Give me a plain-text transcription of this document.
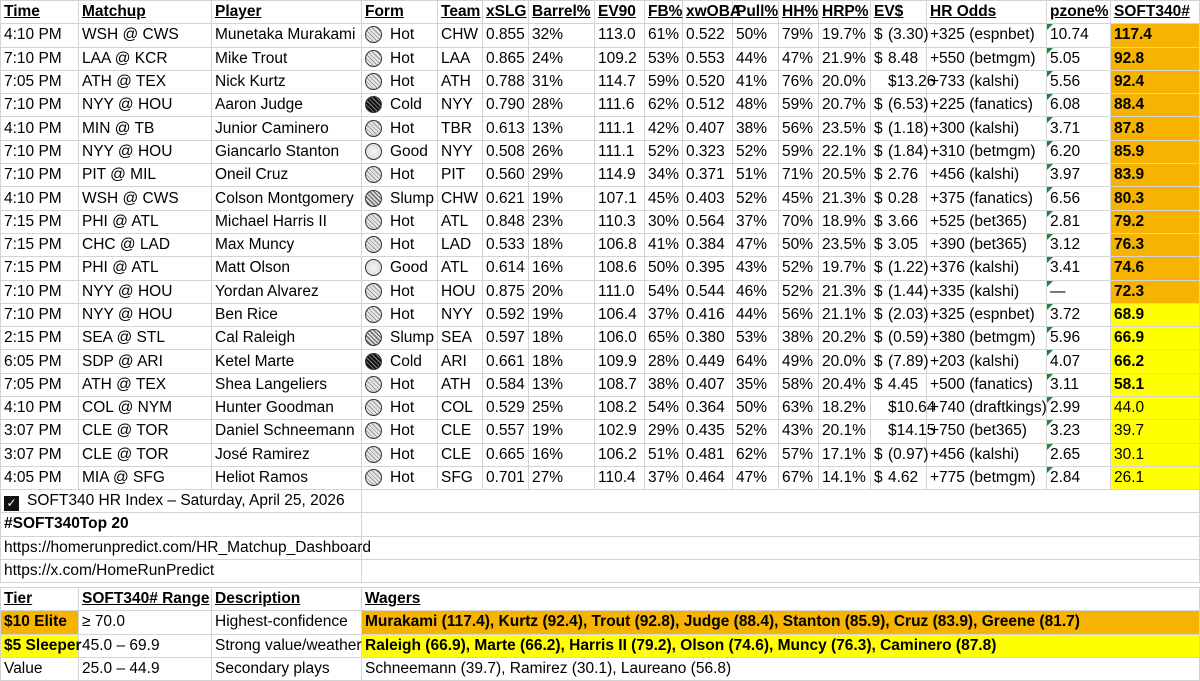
Time	Matchup	Player	Form	Team	xSLG	Barrel%	EV90	FB%	xwOBA	Pull%	HH%	HRP%	EV$	HR Odds	pzone%	SOFT340#
4:10 PM	WSH @ CWS	Munetaka Murakami	Hot	CHW	0.855	32%	113.0	61%	0.522	50%	79%	19.7%	$ (3.30)	+325 (espnbet)	10.74	117.4
7:10 PM	LAA @ KCR	Mike Trout	Hot	LAA	0.865	24%	109.2	53%	0.553	44%	47%	21.9%	$ 8.48	+550 (betmgm)	5.05	92.8
7:05 PM	ATH @ TEX	Nick Kurtz	Hot	ATH	0.788	31%	114.7	59%	0.520	41%	76%	20.0%	$13.26	+733 (kalshi)	5.56	92.4
7:10 PM	NYY @ HOU	Aaron Judge	Cold	NYY	0.790	28%	111.6	62%	0.512	48%	59%	20.7%	$ (6.53)	+225 (fanatics)	6.08	88.4
4:10 PM	MIN @ TB	Junior Caminero	Hot	TBR	0.613	13%	111.1	42%	0.407	38%	56%	23.5%	$ (1.18)	+300 (kalshi)	3.71	87.8
7:10 PM	NYY @ HOU	Giancarlo Stanton	Good	NYY	0.508	26%	111.1	52%	0.323	52%	59%	22.1%	$ (1.84)	+310 (betmgm)	6.20	85.9
7:10 PM	PIT @ MIL	Oneil Cruz	Hot	PIT	0.560	29%	114.9	34%	0.371	51%	71%	20.5%	$ 2.76	+456 (kalshi)	3.97	83.9
4:10 PM	WSH @ CWS	Colson Montgomery	Slump	CHW	0.621	19%	107.1	45%	0.403	52%	45%	21.3%	$ 0.28	+375 (fanatics)	6.56	80.3
7:15 PM	PHI @ ATL	Michael Harris II	Hot	ATL	0.848	23%	110.3	30%	0.564	37%	70%	18.9%	$ 3.66	+525 (bet365)	2.81	79.2
7:15 PM	CHC @ LAD	Max Muncy	Hot	LAD	0.533	18%	106.8	41%	0.384	47%	50%	23.5%	$ 3.05	+390 (bet365)	3.12	76.3
7:15 PM	PHI @ ATL	Matt Olson	Good	ATL	0.614	16%	108.6	50%	0.395	43%	52%	19.7%	$ (1.22)	+376 (kalshi)	3.41	74.6
7:10 PM	NYY @ HOU	Yordan Alvarez	Hot	HOU	0.875	20%	111.0	54%	0.544	46%	52%	21.3%	$ (1.44)	+335 (kalshi)	—	72.3
7:10 PM	NYY @ HOU	Ben Rice	Hot	NYY	0.592	19%	106.4	37%	0.416	44%	56%	21.1%	$ (2.03)	+325 (espnbet)	3.72	68.9
2:15 PM	SEA @ STL	Cal Raleigh	Slump	SEA	0.597	18%	106.0	65%	0.380	53%	38%	20.2%	$ (0.59)	+380 (betmgm)	5.96	66.9
6:05 PM	SDP @ ARI	Ketel Marte	Cold	ARI	0.661	18%	109.9	28%	0.449	64%	49%	20.0%	$ (7.89)	+203 (kalshi)	4.07	66.2
7:05 PM	ATH @ TEX	Shea Langeliers	Hot	ATH	0.584	13%	108.7	38%	0.407	35%	58%	20.4%	$ 4.45	+500 (fanatics)	3.11	58.1
4:10 PM	COL @ NYM	Hunter Goodman	Hot	COL	0.529	25%	108.2	54%	0.364	50%	63%	18.2%	$10.64	+740 (draftkings)	2.99	44.0
3:07 PM	CLE @ TOR	Daniel Schneemann	Hot	CLE	0.557	19%	102.9	29%	0.435	52%	43%	20.1%	$14.15	+750 (bet365)	3.23	39.7
3:07 PM	CLE @ TOR	José Ramirez	Hot	CLE	0.665	16%	106.2	51%	0.481	62%	57%	17.1%	$ (0.97)	+456 (kalshi)	2.65	30.1
4:05 PM	MIA @ SFG	Heliot Ramos	Hot	SFG	0.701	27%	110.4	37%	0.464	47%	67%	14.1%	$ 4.62	+775 (betmgm)	2.84	26.1
✓ SOFT340 HR Index – Saturday, April 25, 2026	
#SOFT340Top 20	
https://homerunpredict.com/HR_Matchup_Dashboard	
https://x.com/HomeRunPredict	
Tier	SOFT340# Range	Description	Wagers
$10 Elite	≥ 70.0	Highest-confidence	Murakami (117.4), Kurtz (92.4), Trout (92.8), Judge (88.4), Stanton (85.9), Cruz (83.9), Greene (81.7)
$5 Sleeper	45.0 – 69.9	Strong value/weather	Raleigh (66.9), Marte (66.2), Harris II (79.2), Olson (74.6), Muncy (76.3), Caminero (87.8)
Value	25.0 – 44.9	Secondary plays	Schneemann (39.7), Ramirez (30.1), Laureano (56.8)
